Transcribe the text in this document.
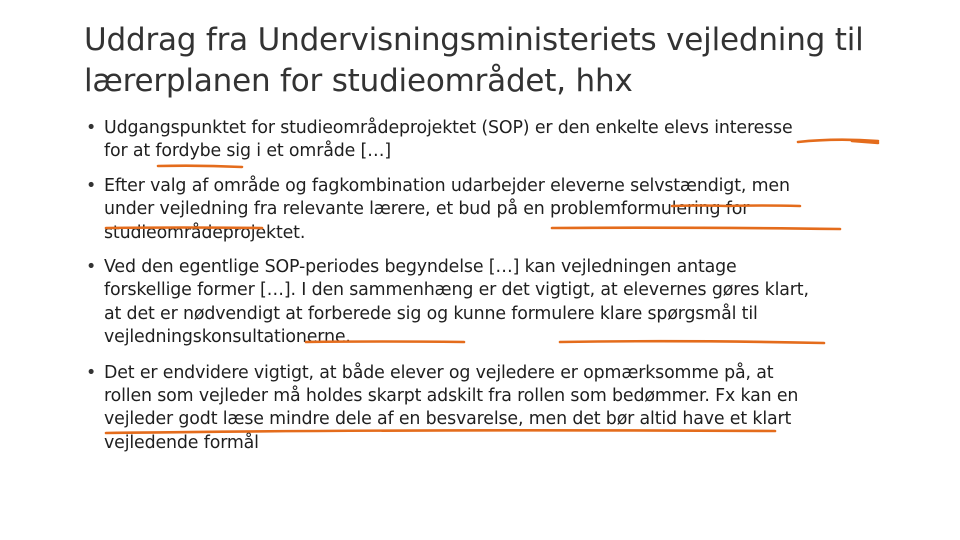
Uddrag fra Undervisningsministeriets vejledning til
lærerplanen for studieområdet, hhx
• Udgangspunktet for studieområdeprojektet (SOP) er den enkelte elevs interesse
for at fordybe sig i et område […]
• Efter valg af område og fagkombination udarbejder eleverne selvstændigt, men
under vejledning fra relevante lærere, et bud på en problemformulering for
studieområdeprojektet.
• Ved den egentlige SOP-periodes begyndelse […] kan vejledningen antage
forskellige former […]. I den sammenhæng er det vigtigt, at elevernes gøres klart,
at det er nødvendigt at forberede sig og kunne formulere klare spørgsmål til
vejledningskonsultationerne.
• Det er endvidere vigtigt, at både elever og vejledere er opmærksomme på, at
rollen som vejleder må holdes skarpt adskilt fra rollen som bedømmer. Fx kan en
vejleder godt læse mindre dele af en besvarelse, men det bør altid have et klart
vejledende formål
